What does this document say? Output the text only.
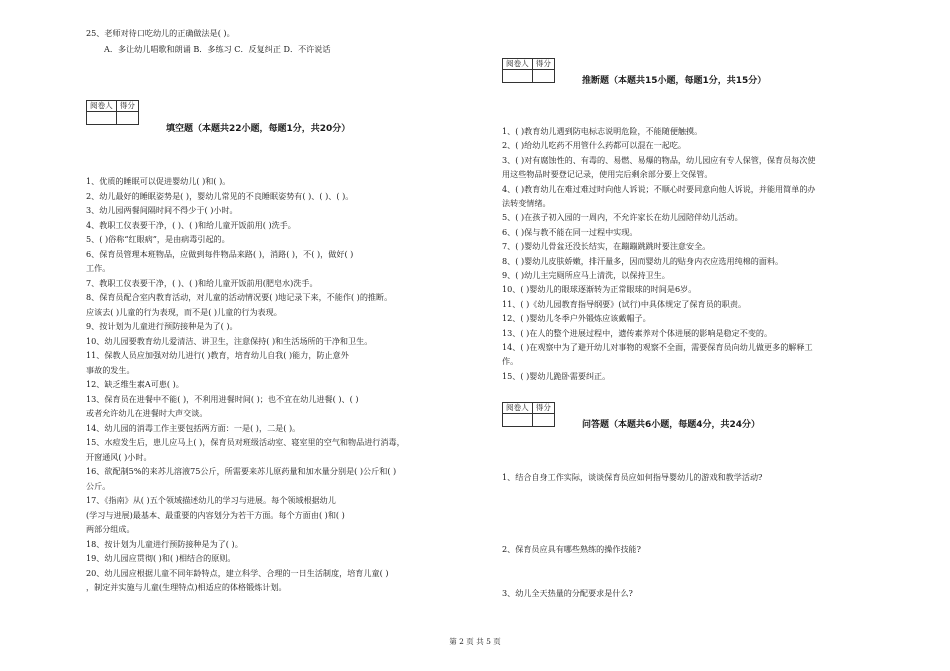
25、老师对待口吃幼儿的正确做法是( )。
A．多让幼儿唱歌和朗诵 B．多练习 C．反复纠正 D．不许说话
阅卷人	得分

填空题（本题共22小题，每题1分，共20分）
1、优质的睡眠可以促进婴幼儿( )和( )。
2、幼儿最好的睡眠姿势是( )，婴幼儿常见的不良睡眠姿势有( )、( )、( )。
3、幼儿园两餐间隔时间不得少于( )小时。
4、教职工仪表要干净，( )、( )和给儿童开饭前用( )洗手。
5、( )俗称“红眼病”，是由病毒引起的。
6、保育员管理本班物品，应做到每件物品来路( )，消路( )，不( )，做好( )
工作。
7、教职工仪表要干净，( )、( )和给儿童开饭前用(肥皂水)洗手。
8、保育员配合室内教育活动，对儿童的活动情况要( )地记录下来，不能作( )的推断。
应该去( )儿童的行为表现，而不是( )儿童的行为表现。
9、按计划为儿童进行预防接种是为了( )。
10、幼儿园要教育幼儿爱清洁、讲卫生，注意保持( )和生活场所的干净和卫生。
11、保教人员应加强对幼儿进行( )教育，培育幼儿自我( )能力，防止意外
事故的发生。
12、缺乏维生素A可患( )。
13、保育员在进餐中不能( )，不利用进餐时间( )；也不宜在幼儿进餐( )、( )
或者允许幼儿在进餐时大声交谈。
14、幼儿园的消毒工作主要包括两方面：一是( )，二是( )。
15、水痘发生后，患儿应马上( )，保育员对班级活动室、寝室里的空气和物品进行消毒，
开窗通风( )小时。
16、欲配制5%的来苏儿溶液75公斤，所需要来苏儿原药量和加水量分别是( )公斤和( )
公斤。
17、《指南》从( )五个领域描述幼儿的学习与进展。每个领域根据幼儿
(学习与进展)最基本、最重要的内容划分为若干方面。每个方面由( )和( )
两部分组成。
18、按计划为儿童进行预防接种是为了( )。
19、幼儿园应贯彻( )和( )相结合的原则。
20、幼儿园应根据儿童不同年龄特点，建立科学、合理的一日生活制度，培育儿童( )
，制定并实施与儿童(生理特点)相适应的体格锻炼计划。
阅卷人	得分

推断题（本题共15小题，每题1分，共15分）
1、( )教育幼儿遇到防电标志说明危险，不能随便触摸。
2、( )给幼儿吃药不用管什么药都可以混在一起吃。
3、( )对有腐蚀性的、有毒的、易燃、易爆的物品，幼儿园应有专人保管，保育员每次使
用这些物品时要登记记录，使用完后剩余部分要上交保管。
4、( )教育幼儿在难过难过时向他人诉说；不顺心时要同意向他人诉说，并能用简单的办
法转变情绪。
5、( )在孩子初入园的一周内，不允许家长在幼儿园陪伴幼儿活动。
6、( )保与教不能在同一过程中实现。
7、( )婴幼儿骨盆还没长结实，在蹦蹦跳跳时要注意安全。
8、( )婴幼儿皮肤娇嫩，排汗量多，因而婴幼儿的贴身内衣应选用纯棉的面料。
9、( )幼儿主完厕所应马上清洗，以保持卫生。
10、( )婴幼儿的眼球逐渐转为正常眼球的时间是6岁。
11、( )《幼儿园教育指导纲要》(试行)中具体规定了保育员的职责。
12、( )婴幼儿冬季户外锻炼应该戴帽子。
13、( )在人的整个进展过程中，遗传素养对个体进展的影响是稳定不变的。
14、( )在观察中为了避开幼儿对事物的观察不全面，需要保育员向幼儿做更多的解释工
作。
15、( )婴幼儿跪卧需要纠正。
阅卷人	得分

问答题（本题共6小题，每题4分，共24分）
1、结合自身工作实际，谈谈保育员应如何指导婴幼儿的游戏和教学活动?
2、保育员应具有哪些熟练的操作技能?
3、幼儿全天热量的分配要求是什么?
第 2 页 共 5 页
